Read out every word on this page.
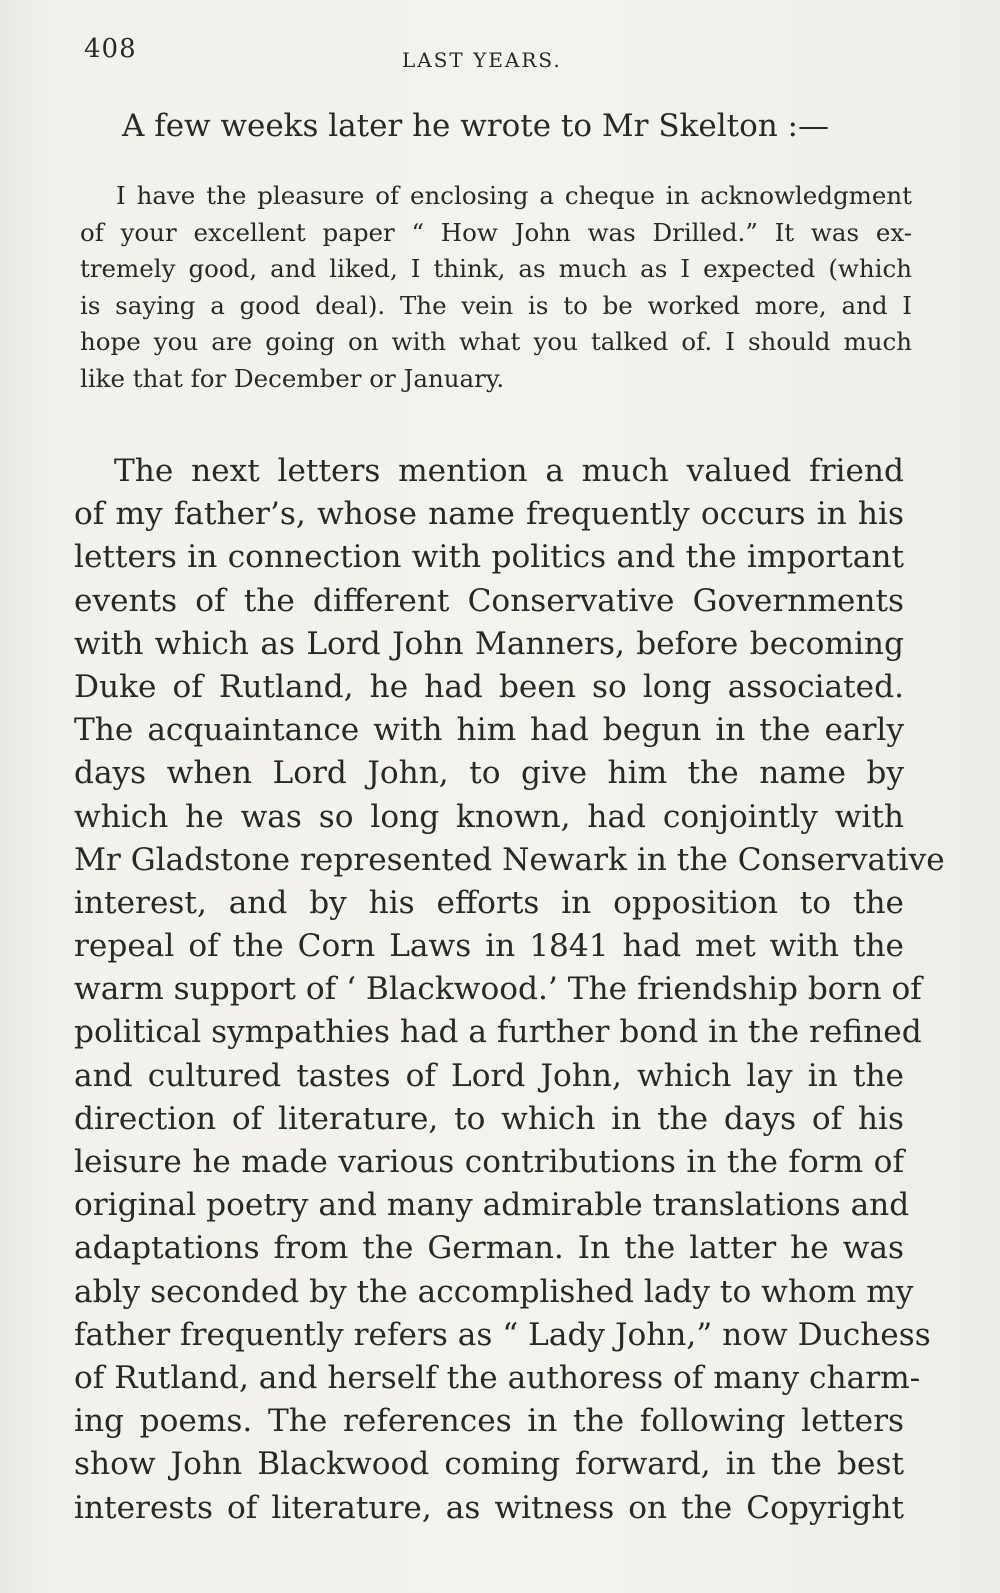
408	LAST YEARS.
A few weeks later he wrote to Mr Skelton :—
I have the pleasure of enclosing a cheque in acknowledgment
of your excellent paper “ How John was Drilled.” It was ex-
tremely good, and liked, I think, as much as I expected (which
is saying a good deal). The vein is to be worked more, and I
hope you are going on with what you talked of. I should much
like that for December or January.
The next letters mention a much valued friend
of my father’s, whose name frequently occurs in his
letters in connection with politics and the important
events of the different Conservative Governments
with which as Lord John Manners, before becoming
Duke of Rutland, he had been so long associated.
The acquaintance with him had begun in the early
days when Lord John, to give him the name by
which he was so long known, had conjointly with
Mr Gladstone represented Newark in the Conservative
interest, and by his efforts in opposition to the
repeal of the Corn Laws in 1841 had met with the
warm support of ‘ Blackwood.’ The friendship born of
political sympathies had a further bond in the refined
and cultured tastes of Lord John, which lay in the
direction of literature, to which in the days of his
leisure he made various contributions in the form of
original poetry and many admirable translations and
adaptations from the German. In the latter he was
ably seconded by the accomplished lady to whom my
father frequently refers as “ Lady John,” now Duchess
of Rutland, and herself the authoress of many charm-
ing poems. The references in the following letters
show John Blackwood coming forward, in the best
interests of literature, as witness on the Copyright
